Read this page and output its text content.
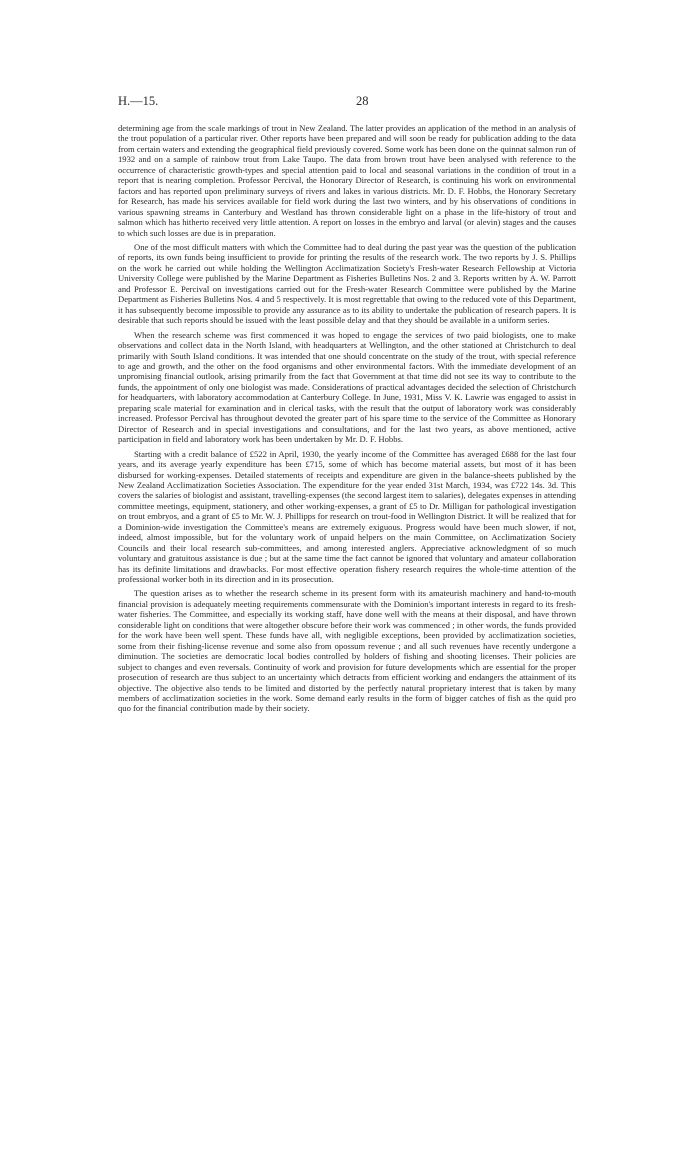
H.—15.	28

determining age from the scale markings of trout in New Zealand. The latter provides an application of the method in an analysis of the trout population of a particular river. Other reports have been prepared and will soon be ready for publication adding to the data from certain waters and extending the geographical field previously covered. Some work has been done on the quinnat salmon run of 1932 and on a sample of rainbow trout from Lake Taupo. The data from brown trout have been analysed with reference to the occurrence of characteristic growth-types and special attention paid to local and seasonal variations in the condition of trout in a report that is nearing completion. Professor Percival, the Honorary Director of Research, is continuing his work on environmental factors and has reported upon preliminary surveys of rivers and lakes in various districts. Mr. D. F. Hobbs, the Honorary Secretary for Research, has made his services available for field work during the last two winters, and by his observations of conditions in various spawning streams in Canterbury and Westland has thrown considerable light on a phase in the life-history of trout and salmon which has hitherto received very little attention. A report on losses in the embryo and larval (or alevin) stages and the causes to which such losses are due is in preparation.

One of the most difficult matters with which the Committee had to deal during the past year was the question of the publication of reports, its own funds being insufficient to provide for printing the results of the research work. The two reports by J. S. Phillips on the work he carried out while holding the Wellington Acclimatization Society's Fresh-water Research Fellowship at Victoria University College were published by the Marine Department as Fisheries Bulletins Nos. 2 and 3. Reports written by A. W. Parrott and Professor E. Percival on investigations carried out for the Fresh-water Research Committee were published by the Marine Department as Fisheries Bulletins Nos. 4 and 5 respectively. It is most regrettable that owing to the reduced vote of this Department, it has subsequently become impossible to provide any assurance as to its ability to undertake the publication of research papers. It is desirable that such reports should be issued with the least possible delay and that they should be available in a uniform series.

When the research scheme was first commenced it was hoped to engage the services of two paid biologists, one to make observations and collect data in the North Island, with headquarters at Wellington, and the other stationed at Christchurch to deal primarily with South Island conditions. It was intended that one should concentrate on the study of the trout, with special reference to age and growth, and the other on the food organisms and other environmental factors. With the immediate development of an unpromising financial outlook, arising primarily from the fact that Government at that time did not see its way to contribute to the funds, the appointment of only one biologist was made. Considerations of practical advantages decided the selection of Christchurch for headquarters, with laboratory accommodation at Canterbury College. In June, 1931, Miss V. K. Lawrie was engaged to assist in preparing scale material for examination and in clerical tasks, with the result that the output of laboratory work was considerably increased. Professor Percival has throughout devoted the greater part of his spare time to the service of the Committee as Honorary Director of Research and in special investigations and consultations, and for the last two years, as above mentioned, active participation in field and laboratory work has been undertaken by Mr. D. F. Hobbs.

Starting with a credit balance of £522 in April, 1930, the yearly income of the Committee has averaged £688 for the last four years, and its average yearly expenditure has been £715, some of which has become material assets, but most of it has been disbursed for working-expenses. Detailed statements of receipts and expenditure are given in the balance-sheets published by the New Zealand Acclimatization Societies Association. The expenditure for the year ended 31st March, 1934, was £722 14s. 3d. This covers the salaries of biologist and assistant, travelling-expenses (the second largest item to salaries), delegates expenses in attending committee meetings, equipment, stationery, and other working-expenses, a grant of £5 to Dr. Milligan for pathological investigation on trout embryos, and a grant of £5 to Mr. W. J. Phillipps for research on trout-food in Wellington District. It will be realized that for a Dominion-wide investigation the Committee's means are extremely exiguous. Progress would have been much slower, if not, indeed, almost impossible, but for the voluntary work of unpaid helpers on the main Committee, on Acclimatization Society Councils and their local research sub-committees, and among interested anglers. Appreciative acknowledgment of so much voluntary and gratuitous assistance is due ; but at the same time the fact cannot be ignored that voluntary and amateur collaboration has its definite limitations and drawbacks. For most effective operation fishery research requires the whole-time attention of the professional worker both in its direction and in its prosecution.

The question arises as to whether the research scheme in its present form with its amateurish machinery and hand-to-mouth financial provision is adequately meeting requirements commensurate with the Dominion's important interests in regard to its fresh-water fisheries. The Committee, and especially its working staff, have done well with the means at their disposal, and have thrown considerable light on conditions that were altogether obscure before their work was commenced ; in other words, the funds provided for the work have been well spent. These funds have all, with negligible exceptions, been provided by acclimatization societies, some from their fishing-license revenue and some also from opossum revenue ; and all such revenues have recently undergone a diminution. The societies are democratic local bodies controlled by holders of fishing and shooting licenses. Their policies are subject to changes and even reversals. Continuity of work and provision for future developments which are essential for the proper prosecution of research are thus subject to an uncertainty which detracts from efficient working and endangers the attainment of its objective. The objective also tends to be limited and distorted by the perfectly natural proprietary interest that is taken by many members of acclimatization societies in the work. Some demand early results in the form of bigger catches of fish as the quid pro quo for the financial contribution made by their society.
